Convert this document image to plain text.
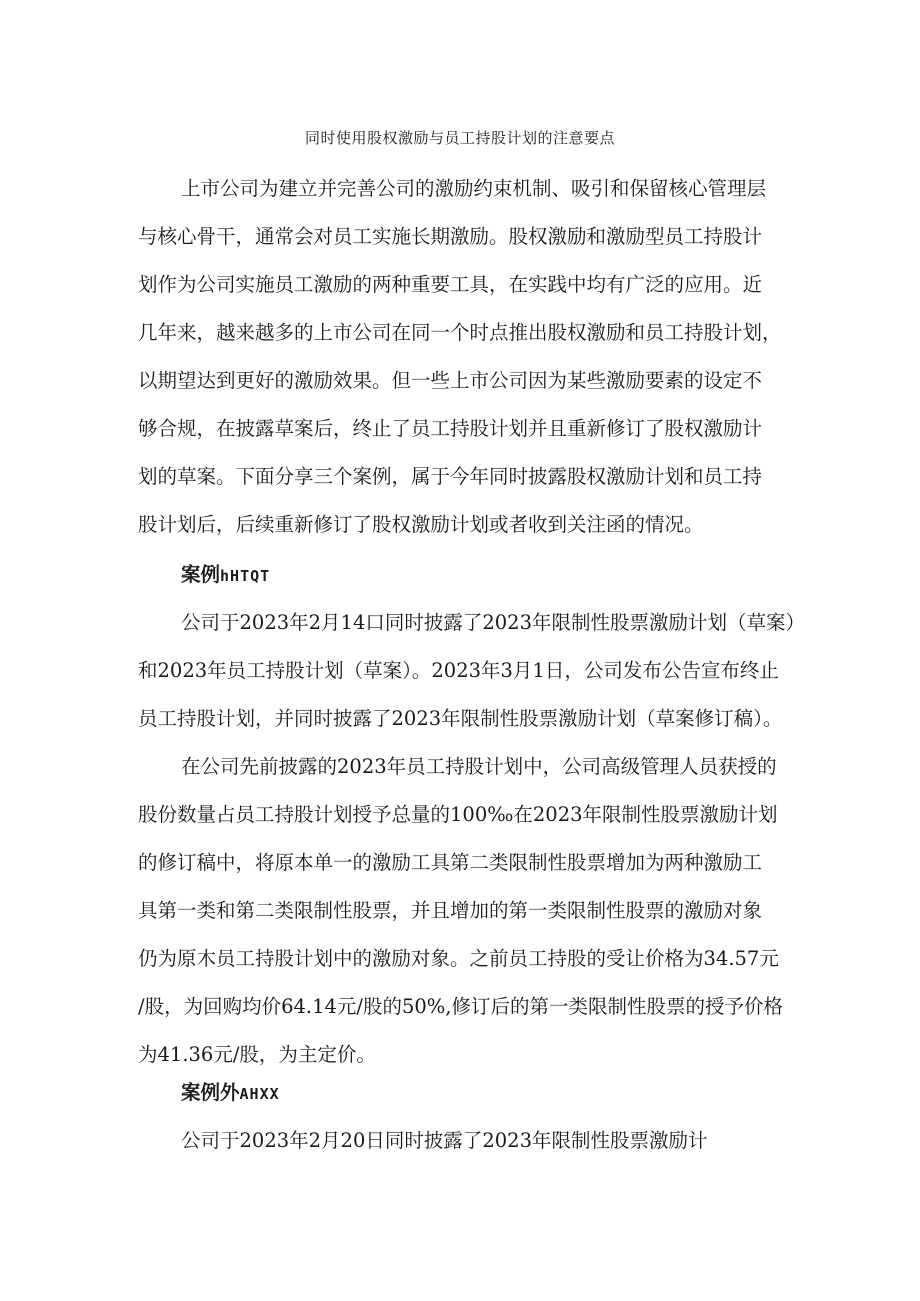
同时使用股权激励与员工持股计划的注意要点
上市公司为建立并完善公司的激励约束机制、吸引和保留核心管理层
与核心骨干，通常会对员工实施长期激励。股权激励和激励型员工持股计
划作为公司实施员工激励的两种重要工具，在实践中均有广泛的应用。近
几年来，越来越多的上市公司在同一个时点推出股权激励和员工持股计划，
以期望达到更好的激励效果。但一些上市公司因为某些激励要素的设定不
够合规，在披露草案后，终止了员工持股计划并且重新修订了股权激励计
划的草案。下面分享三个案例，属于今年同时披露股权激励计划和员工持
股计划后，后续重新修订了股权激励计划或者收到关注函的情况。
案例hHTQT
公司于2023年2月14口同时披露了2023年限制性股票激励计划（草案）
和2023年员工持股计划（草案）。2023年3月1日，公司发布公告宣布终止
员工持股计划，并同时披露了2023年限制性股票激励计划（草案修订稿）。
在公司先前披露的2023年员工持股计划中，公司高级管理人员获授的
股份数量占员工持股计划授予总量的100‰在2023年限制性股票激励计划
的修订稿中，将原本单一的激励工具第二类限制性股票增加为两种激励工
具第一类和第二类限制性股票，并且增加的第一类限制性股票的激励对象
仍为原木员工持股计划中的激励对象。之前员工持股的受让价格为34.57元
/股，为回购均价64.14元/股的50%,修订后的第一类限制性股票的授予价格
为41.36元/股，为主定价。
案例外AHXX
公司于2023年2月20日同时披露了2023年限制性股票激励计
